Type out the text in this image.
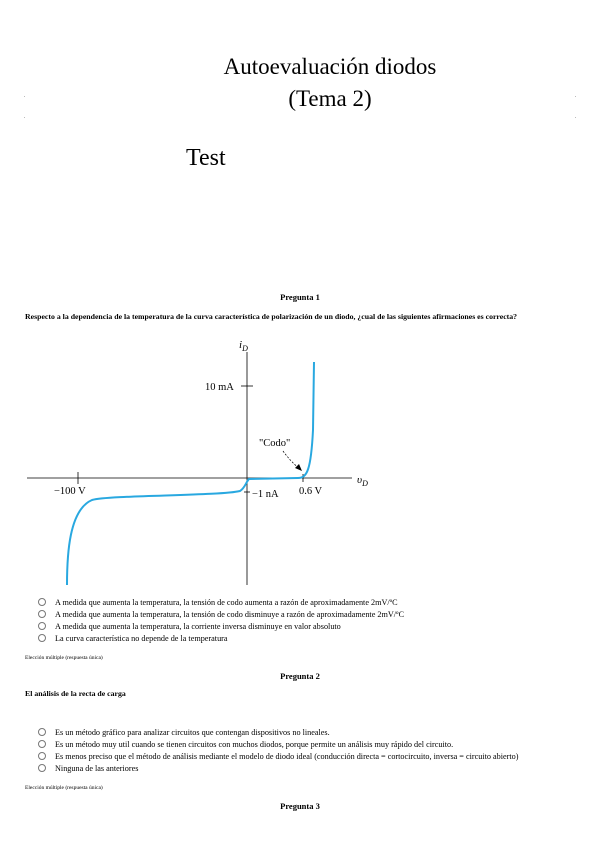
Autoevaluación diodos
(Tema 2)
Test
Pregunta 1
Respecto a la dependencia de la temperatura de la curva característica de polarización de un diodo, ¿cual de las siguientes afirmaciones es correcta?
$i_D$
$\upsilon_D$
10 mA
−100 V	−1 nA 0.6 V
"Codo"
A medida que aumenta la temperatura, la tensión de codo aumenta a razón de aproximadamente 2mV/ºC
A medida que aumenta la temperatura, la tensión de codo disminuye a razón de aproximadamente 2mV/ºC
A medida que aumenta la temperatura, la corriente inversa disminuye en valor absoluto
La curva característica no depende de la temperatura
Elección múltiple (respuesta única)
Pregunta 2
El análisis de la recta de carga
Es un método gráfico para analizar circuitos que contengan dispositivos no lineales.
Es un método muy util cuando se tienen circuitos con muchos diodos, porque permite un análisis muy rápido del circuito.
Es menos preciso que el método de análisis mediante el modelo de diodo ideal (conducción directa = cortocircuito, inversa = circuito abierto)
Ninguna de las anteriores
Elección múltiple (respuesta única)
Pregunta 3
